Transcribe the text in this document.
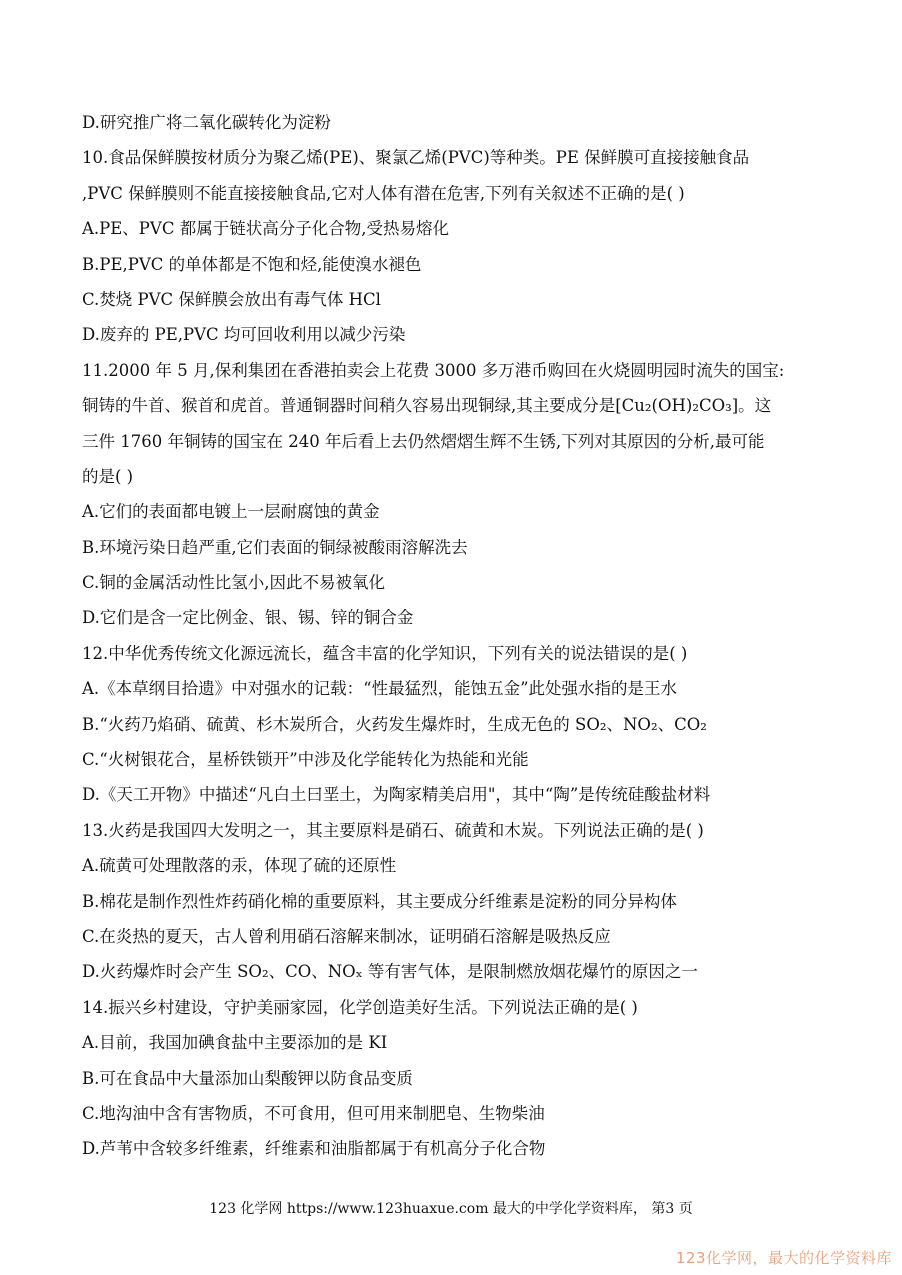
D.研究推广将二氧化碳转化为淀粉
10.食品保鲜膜按材质分为聚乙烯(PE)、聚氯乙烯(PVC)等种类。PE 保鲜膜可直接接触食品
,PVC 保鲜膜则不能直接接触食品,它对人体有潜在危害,下列有关叙述不正确的是( )
A.PE、PVC 都属于链状高分子化合物,受热易熔化
B.PE,PVC 的单体都是不饱和烃,能使溴水褪色
C.焚烧 PVC 保鲜膜会放出有毒气体 HCl
D.废弃的 PE,PVC 均可回收利用以减少污染
11.2000 年 5 月,保利集团在香港拍卖会上花费 3000 多万港币购回在火烧圆明园时流失的国宝:
铜铸的牛首、猴首和虎首。普通铜器时间稍久容易出现铜绿,其主要成分是[Cu₂(OH)₂CO₃]。这
三件 1760 年铜铸的国宝在 240 年后看上去仍然熠熠生辉不生锈,下列对其原因的分析,最可能
的是( )
A.它们的表面都电镀上一层耐腐蚀的黄金
B.环境污染日趋严重,它们表面的铜绿被酸雨溶解洗去
C.铜的金属活动性比氢小,因此不易被氧化
D.它们是含一定比例金、银、锡、锌的铜合金
12.中华优秀传统文化源远流长，蕴含丰富的化学知识，下列有关的说法错误的是( )
A.《本草纲目拾遗》中对强水的记载：“性最猛烈，能蚀五金”此处强水指的是王水
B.“火药乃焰硝、硫黄、杉木炭所合，火药发生爆炸时，生成无色的 SO₂、NO₂、CO₂
C.“火树银花合，星桥铁锁开”中涉及化学能转化为热能和光能
D.《天工开物》中描述“凡白土曰垩土，为陶家精美启用"，其中“陶”是传统硅酸盐材料
13.火药是我国四大发明之一，其主要原料是硝石、硫黄和木炭。下列说法正确的是( )
A.硫黄可处理散落的汞，体现了硫的还原性
B.棉花是制作烈性炸药硝化棉的重要原料，其主要成分纤维素是淀粉的同分异构体
C.在炎热的夏天，古人曾利用硝石溶解来制冰，证明硝石溶解是吸热反应
D.火药爆炸时会产生 SO₂、CO、NOₓ 等有害气体，是限制燃放烟花爆竹的原因之一
14.振兴乡村建设，守护美丽家园，化学创造美好生活。下列说法正确的是( )
A.目前，我国加碘食盐中主要添加的是 KI
B.可在食品中大量添加山梨酸钾以防食品变质
C.地沟油中含有害物质，不可食用，但可用来制肥皂、生物柴油
D.芦苇中含较多纤维素，纤维素和油脂都属于有机高分子化合物
123 化学网 https://www.123huaxue.com 最大的中学化学资料库， 第3 页
123化学网，最大的化学资料库
